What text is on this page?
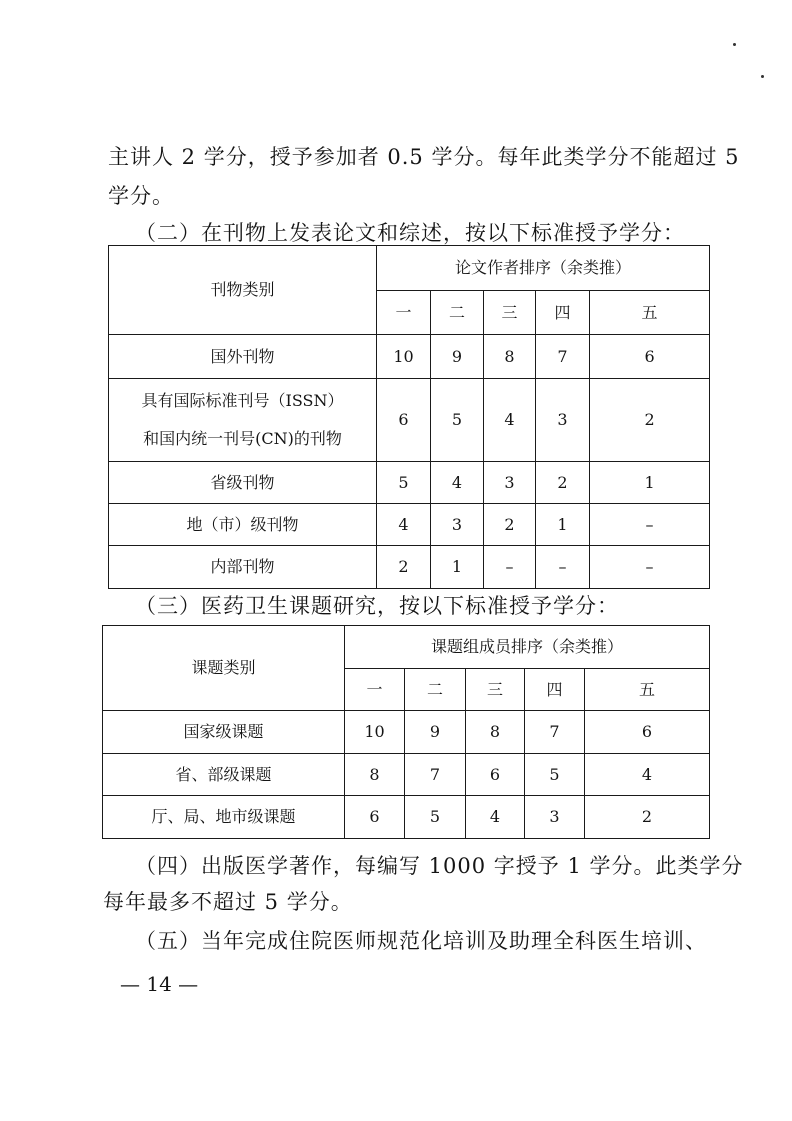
主讲人 2 学分，授予参加者 0.5 学分。每年此类学分不能超过 5
学分。
（二）在刊物上发表论文和综述，按以下标准授予学分：
刊物类别	论文作者排序（余类推）				
	一	二	三	四	五
国外刊物	10	9	8	7	6

具有国际标准刊号（ISSN）
和国内统一刊号(CN)的刊物	6	5	4	3	2
省级刊物	5	4	3	2	1
地（市）级刊物	4	3	2	1	–
内部刊物	2	1	–	–	–
（三）医药卫生课题研究，按以下标准授予学分：
课题类别	课题组成员排序（余类推）				
	一	二	三	四	五
国家级课题	10	9	8	7	6
省、部级课题	8	7	6	5	4
厅、局、地市级课题	6	5	4	3	2
（四）出版医学著作，每编写 1000 字授予 1 学分。此类学分
每年最多不超过 5 学分。
（五）当年完成住院医师规范化培训及助理全科医生培训、
— 14 —
